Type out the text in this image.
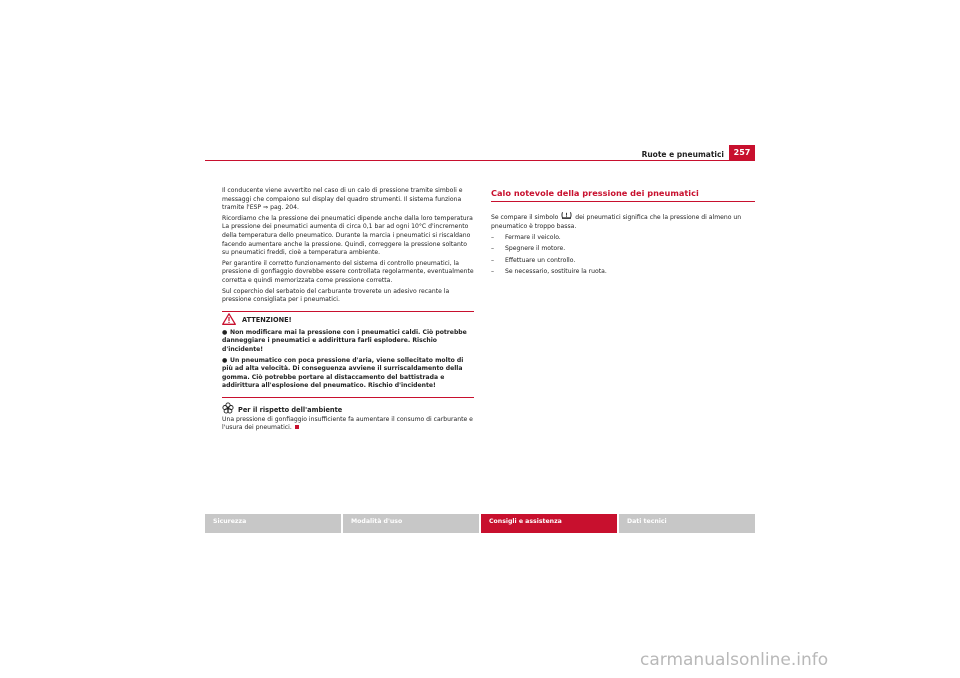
Ruote e pneumatici	257

Il conducente viene avvertito nel caso di un calo di pressione tramite simboli e messaggi che compaiono sul display del quadro strumenti. Il sistema funziona tramite l'ESP ⇒ pag. 204.

Ricordiamo che la pressione dei pneumatici dipende anche dalla loro temperatura La pressione dei pneumatici aumenta di circa 0,1 bar ad ogni 10°C d'incremento della temperatura dello pneumatico. Durante la marcia i pneumatici si riscaldano facendo aumentare anche la pressione. Quindi, correggere la pressione soltanto su pneumatici freddi, cioè a temperatura ambiente.

Per garantire il corretto funzionamento del sistema di controllo pneumatici, la pressione di gonfiaggio dovrebbe essere controllata regolarmente, eventualmente corretta e quindi memorizzata come pressione corretta.

Sul coperchio del serbatoio del carburante troverete un adesivo recante la pressione consigliata per i pneumatici.

ATTENZIONE!

● Non modificare mai la pressione con i pneumatici caldi. Ciò potrebbe danneggiare i pneumatici e addirittura farli esplodere. Rischio d'incidente!

● Un pneumatico con poca pressione d'aria, viene sollecitato molto di più ad alta velocità. Di conseguenza avviene il surriscaldamento della gomma. Ciò potrebbe portare al distaccamento del battistrada e addirittura all'esplosione del pneumatico. Rischio d'incidente!

Per il rispetto dell'ambiente

Una pressione di gonfiaggio insufficiente fa aumentare il consumo di carburante e l'usura dei pneumatici.

Calo notevole della pressione dei pneumatici

Se compare il simbolo	dei pneumatici significa che la pressione di almeno un pneumatico è troppo bassa.

– Fermare il veicolo.
– Spegnere il motore.
– Effettuare un controllo.
– Se necessario, sostituire la ruota.
Sicurezza	Modalità d'uso	Consigli e assistenza	Dati tecnici
carmanualsonline.info
